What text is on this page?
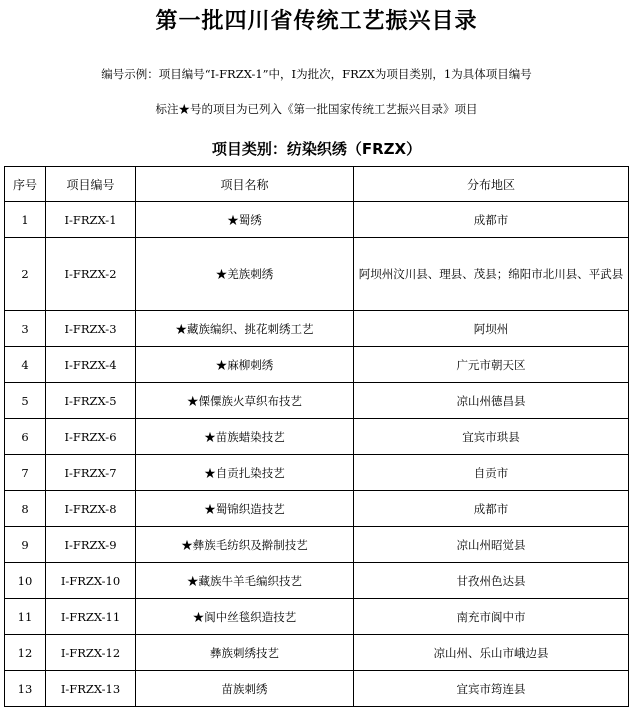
第一批四川省传统工艺振兴目录
编号示例：项目编号“Ⅰ-FRZX-1”中，Ⅰ为批次，FRZX为项目类别，1为具体项目编号
标注★号的项目为已列入《第一批国家传统工艺振兴目录》项目
项目类别：纺染织绣（FRZX）
序号	项目编号	项目名称	分布地区
1	Ⅰ-FRZX-1	★蜀绣	成都市
2	Ⅰ-FRZX-2	★羌族刺绣	阿坝州汶川县、理县、茂县；绵阳市北川县、平武县
3	Ⅰ-FRZX-3	★藏族编织、挑花刺绣工艺	阿坝州
4	Ⅰ-FRZX-4	★麻柳刺绣	广元市朝天区
5	Ⅰ-FRZX-5	★傈僳族火草织布技艺	凉山州德昌县
6	Ⅰ-FRZX-6	★苗族蜡染技艺	宜宾市珙县
7	Ⅰ-FRZX-7	★自贡扎染技艺	自贡市
8	Ⅰ-FRZX-8	★蜀锦织造技艺	成都市
9	Ⅰ-FRZX-9	★彝族毛纺织及擀制技艺	凉山州昭觉县
10	Ⅰ-FRZX-10	★藏族牛羊毛编织技艺	甘孜州色达县
11	Ⅰ-FRZX-11	★阆中丝毯织造技艺	南充市阆中市
12	Ⅰ-FRZX-12	彝族刺绣技艺	凉山州、乐山市峨边县
13	Ⅰ-FRZX-13	苗族刺绣	宜宾市筠连县
